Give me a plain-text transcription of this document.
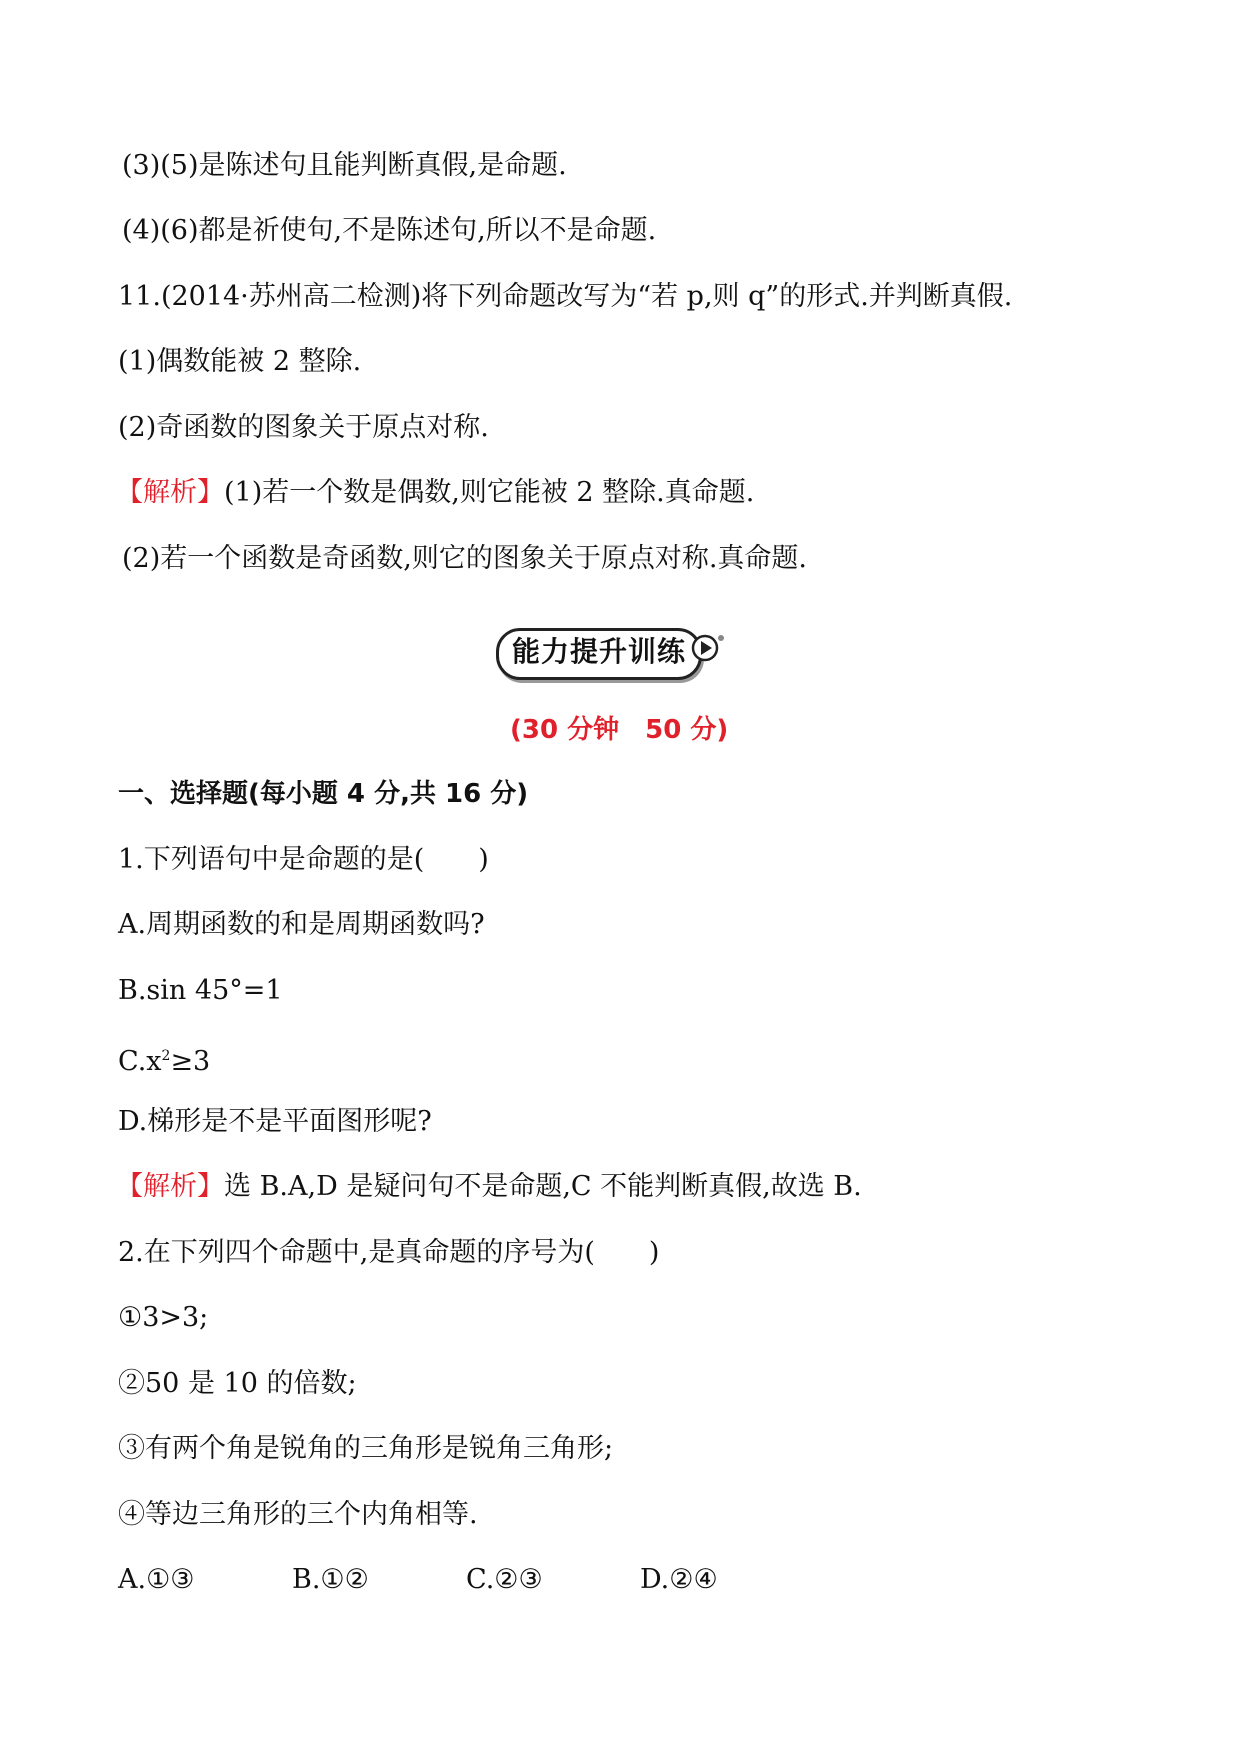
(3)(5)是陈述句且能判断真假,是命题.
(4)(6)都是祈使句,不是陈述句,所以不是命题.
11.(2014·苏州高二检测)将下列命题改写为“若 p,则 q”的形式.并判断真假.
(1)偶数能被 2 整除.
(2)奇函数的图象关于原点对称.
【解析】(1)若一个数是偶数,则它能被 2 整除.真命题.
(2)若一个函数是奇函数,则它的图象关于原点对称.真命题.
能力提升训练
(30 分钟　50 分)
一、选择题(每小题 4 分,共 16 分)
1.下列语句中是命题的是(　　)
A.周期函数的和是周期函数吗?
B.sin 45°=1
$C.x^2\ge 3$
D.梯形是不是平面图形呢?
【解析】选 B.A,D 是疑问句不是命题,C 不能判断真假,故选 B.
2.在下列四个命题中,是真命题的序号为(　　)
①3>3;
②50 是 10 的倍数;
③有两个角是锐角的三角形是锐角三角形;
④等边三角形的三个内角相等.
A.①③	B.①②	C.②③	D.②④
